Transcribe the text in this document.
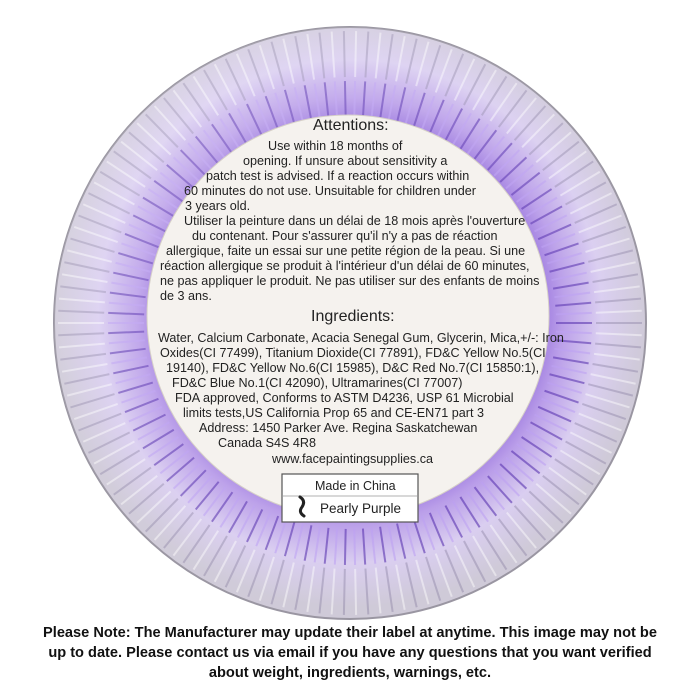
Attentions:
Use within 18 months of
opening. If unsure about sensitivity a
patch test is advised. If a reaction occurs within
60 minutes do not use. Unsuitable for children under
3 years old.
Utiliser la peinture dans un délai de 18 mois après l'ouverture
du contenant. Pour s'assurer qu'il n'y a pas de réaction
allergique, faite un essai sur une petite région de la peau. Si une
réaction allergique se produit à l'intérieur d'un délai de 60 minutes,
ne pas appliquer le produit. Ne pas utiliser sur des enfants de moins
de 3 ans.
Ingredients:
Water, Calcium Carbonate, Acacia Senegal Gum, Glycerin, Mica,+/-: Iron
Oxides(CI 77499), Titanium Dioxide(CI 77891), FD&C Yellow No.5(CI
19140), FD&C Yellow No.6(CI 15985), D&C Red No.7(CI 15850:1),
FD&C Blue No.1(CI 42090), Ultramarines(CI 77007)
FDA approved, Conforms to ASTM D4236, USP 61 Microbial
limits tests,US California Prop 65 and CE-EN71 part 3
Address: 1450 Parker Ave. Regina Saskatchewan
Canada S4S 4R8
www.facepaintingsupplies.ca
Made in China
Pearly Purple
Please Note: The Manufacturer may update their label at anytime. This image may not be
up to date. Please contact us via email if you have any questions that you want verified
about weight, ingredients, warnings, etc.
